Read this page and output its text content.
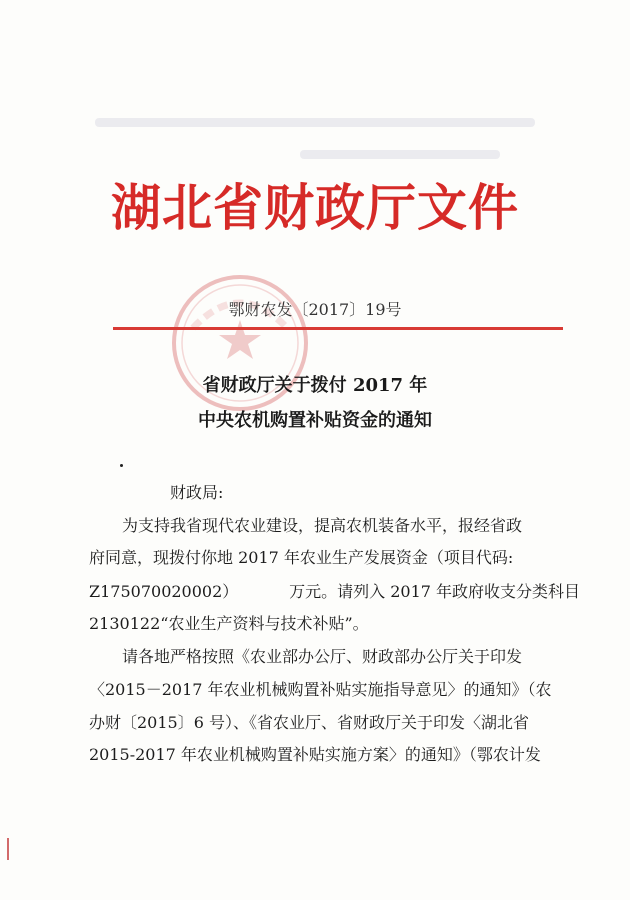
湖北省财政厅文件
鄂财农发〔2017〕19号
省财政厅关于拨付 2017 年
中央农机购置补贴资金的通知
财政局:
为支持我省现代农业建设，提高农机装备水平，报经省政
府同意，现拨付你地 2017 年农业生产发展资金（项目代码:
Z175070020002）          万元。请列入 2017 年政府收支分类科目
2130122“农业生产资料与技术补贴”。
请各地严格按照《农业部办公厅、财政部办公厅关于印发
〈2015－2017 年农业机械购置补贴实施指导意见〉的通知》（农
办财〔2015〕6 号）、《省农业厅、省财政厅关于印发〈湖北省
2015-2017 年农业机械购置补贴实施方案〉的通知》（鄂农计发
